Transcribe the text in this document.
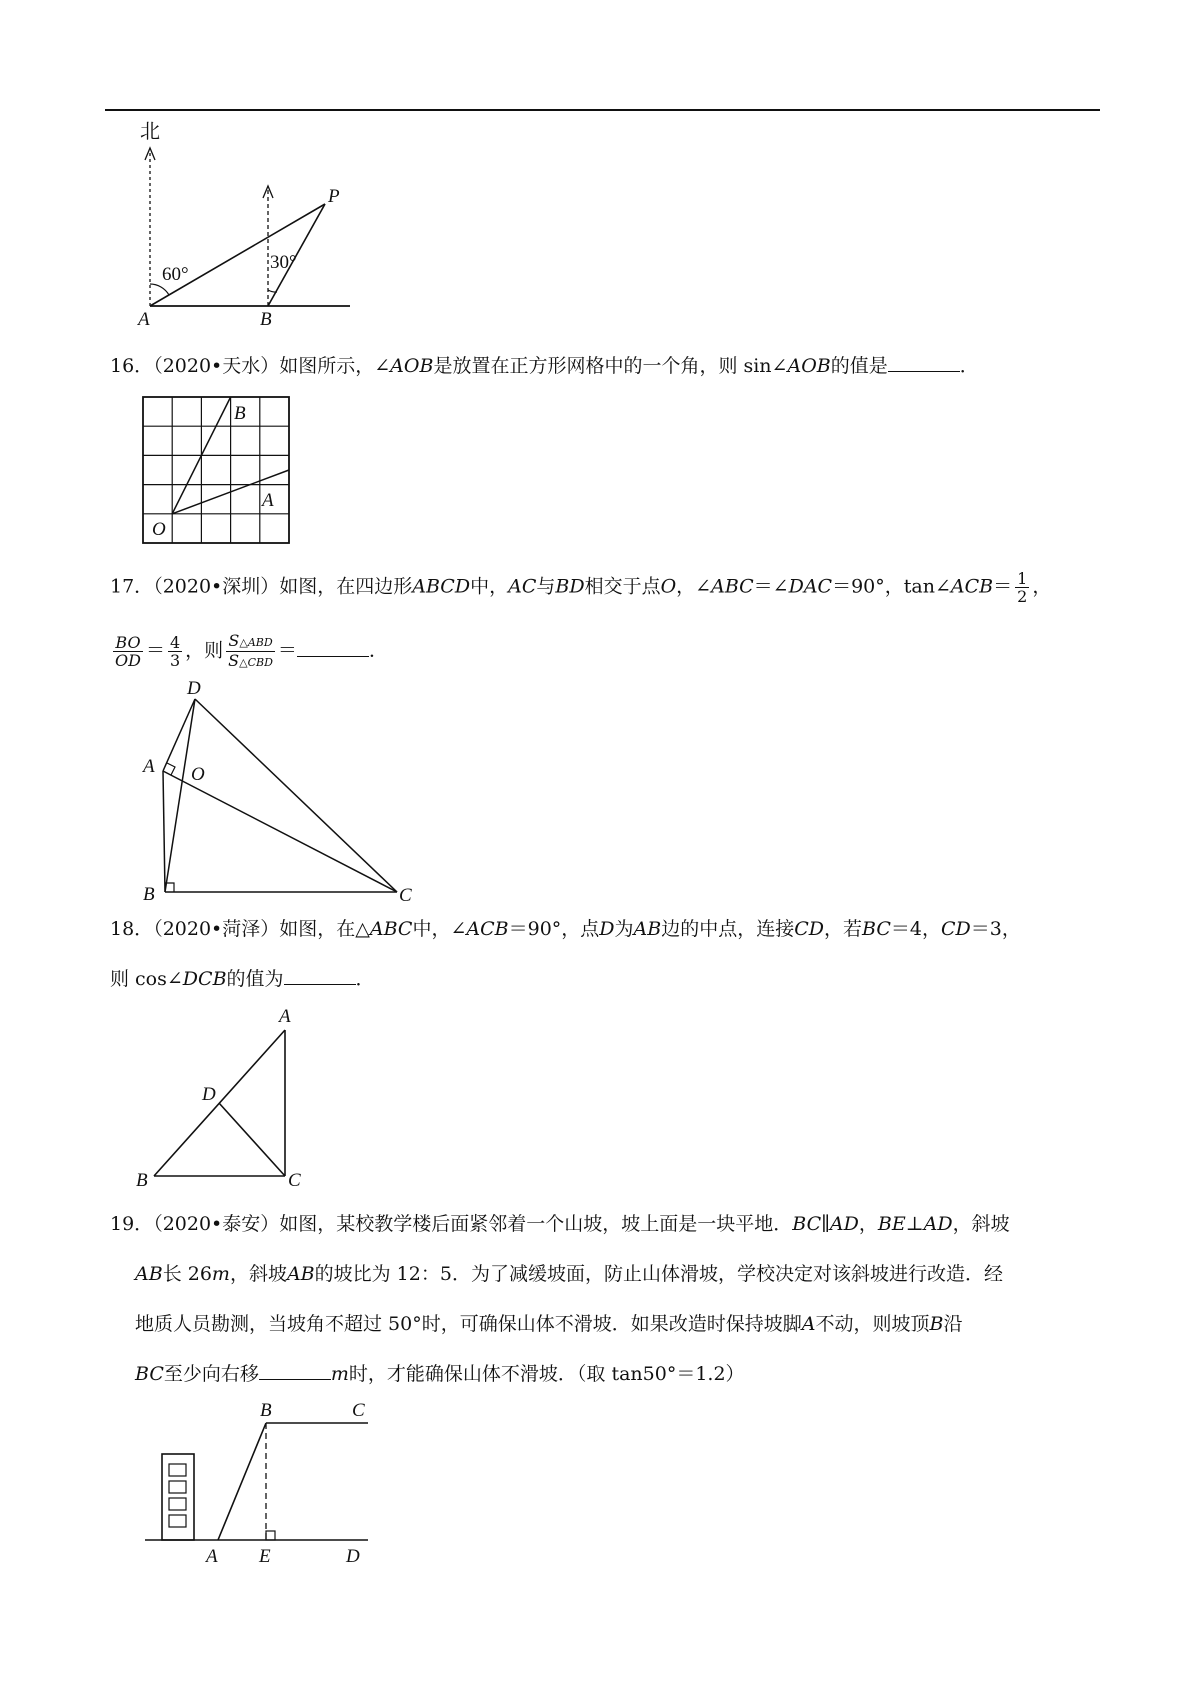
北
60°
30°
A	B
P
16．（2020•天水）如图所示，∠AOB是放置在正方形网格中的一个角，则 sin∠AOB的值是	．
B
A
O
17．（2020•深圳）如图，在四边形ABCD中，AC与BD相交于点O，∠ABC＝∠DAC＝90°，tan∠ACB＝ $\frac{1}{2}$ ，
$\frac{BO}{OD} = \frac{4}{3}$ ，则 $\frac{\text{S△ABD}}{\text{S△CBD}}$ ＝	．
D
A O
B	C
18．（2020•菏泽）如图，在△ABC中，∠ACB＝90°，点D为AB边的中点，连接CD，若BC＝4，CD＝3，
则 cos∠DCB的值为	．
A
D
B	C
19．（2020•泰安）如图，某校教学楼后面紧邻着一个山坡，坡上面是一块平地．BC∥AD，BE⊥AD，斜坡
AB长 26m，斜坡AB的坡比为 12：5．为了减缓坡面，防止山体滑坡，学校决定对该斜坡进行改造．经
地质人员勘测，当坡角不超过 50°时，可确保山体不滑坡．如果改造时保持坡脚A不动，则坡顶B沿
BC至少向右移	m时，才能确保山体不滑坡．（取 tan50°＝1.2）
B	C
A E	D
